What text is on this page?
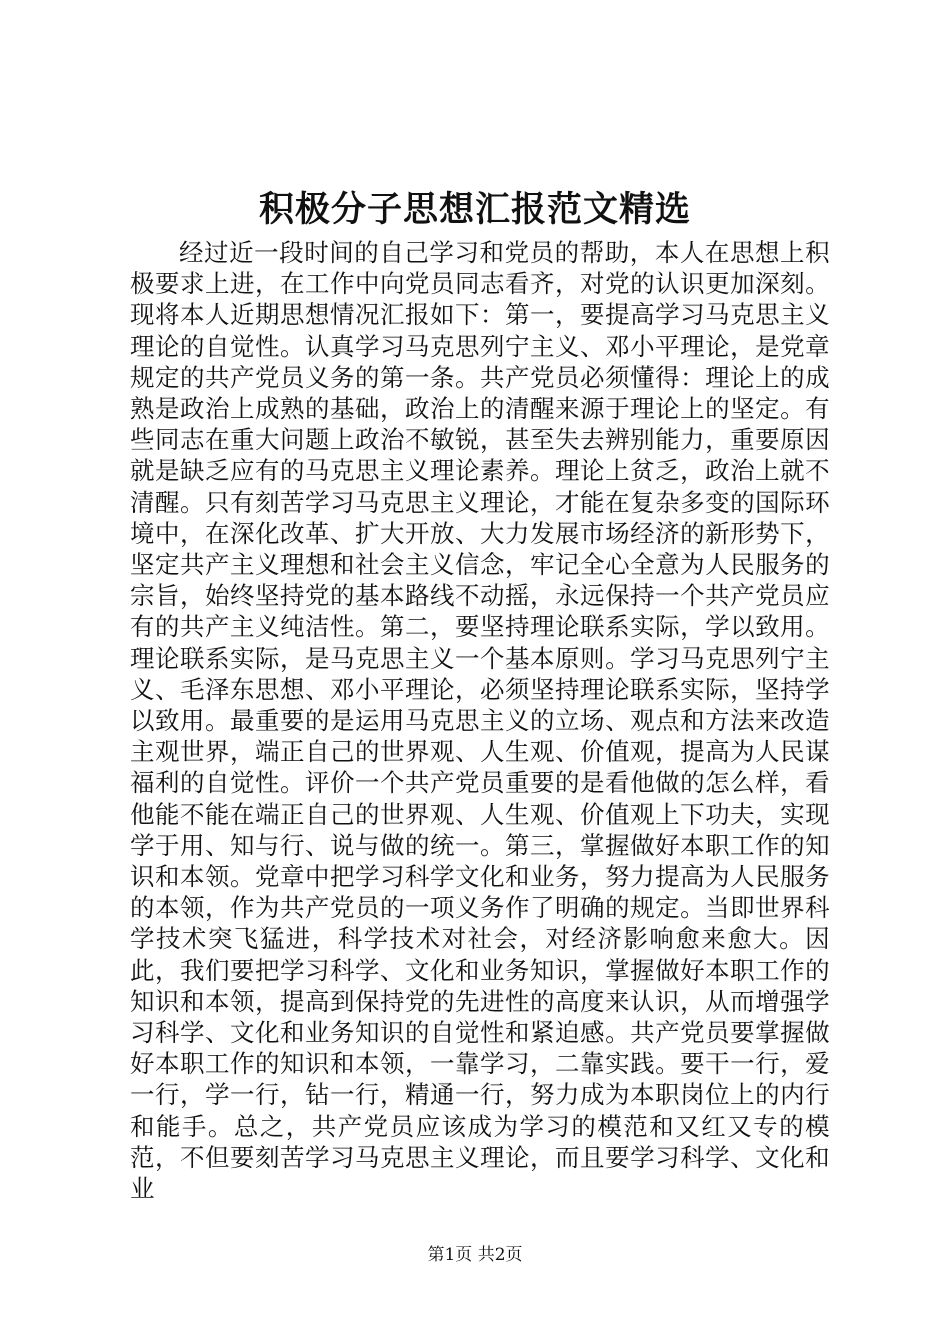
积极分子思想汇报范文精选

经过近一段时间的自己学习和党员的帮助，本人在思想上积极要求上进，在工作中向党员同志看齐，对党的认识更加深刻。现将本人近期思想情况汇报如下：第一，要提高学习马克思主义理论的自觉性。认真学习马克思列宁主义、邓小平理论，是党章规定的共产党员义务的第一条。共产党员必须懂得：理论上的成熟是政治上成熟的基础，政治上的清醒来源于理论上的坚定。有些同志在重大问题上政治不敏锐，甚至失去辨别能力，重要原因就是缺乏应有的马克思主义理论素养。理论上贫乏，政治上就不清醒。只有刻苦学习马克思主义理论，才能在复杂多变的国际环境中，在深化改革、扩大开放、大力发展市场经济的新形势下，坚定共产主义理想和社会主义信念，牢记全心全意为人民服务的宗旨，始终坚持党的基本路线不动摇，永远保持一个共产党员应有的共产主义纯洁性。第二，要坚持理论联系实际，学以致用。理论联系实际，是马克思主义一个基本原则。学习马克思列宁主义、毛泽东思想、邓小平理论，必须坚持理论联系实际，坚持学以致用。最重要的是运用马克思主义的立场、观点和方法来改造主观世界，端正自己的世界观、人生观、价值观，提高为人民谋福利的自觉性。评价一个共产党员重要的是看他做的怎么样，看他能不能在端正自己的世界观、人生观、价值观上下功夫，实现学于用、知与行、说与做的统一。第三，掌握做好本职工作的知识和本领。党章中把学习科学文化和业务，努力提高为人民服务的本领，作为共产党员的一项义务作了明确的规定。当即世界科学技术突飞猛进，科学技术对社会，对经济影响愈来愈大。因此，我们要把学习科学、文化和业务知识，掌握做好本职工作的知识和本领，提高到保持党的先进性的高度来认识，从而增强学习科学、文化和业务知识的自觉性和紧迫感。共产党员要掌握做好本职工作的知识和本领，一靠学习，二靠实践。要干一行，爱一行，学一行，钻一行，精通一行，努力成为本职岗位上的内行和能手。总之，共产党员应该成为学习的模范和又红又专的模范，不但要刻苦学习马克思主义理论，而且要学习科学、文化和业

第1页 共2页
